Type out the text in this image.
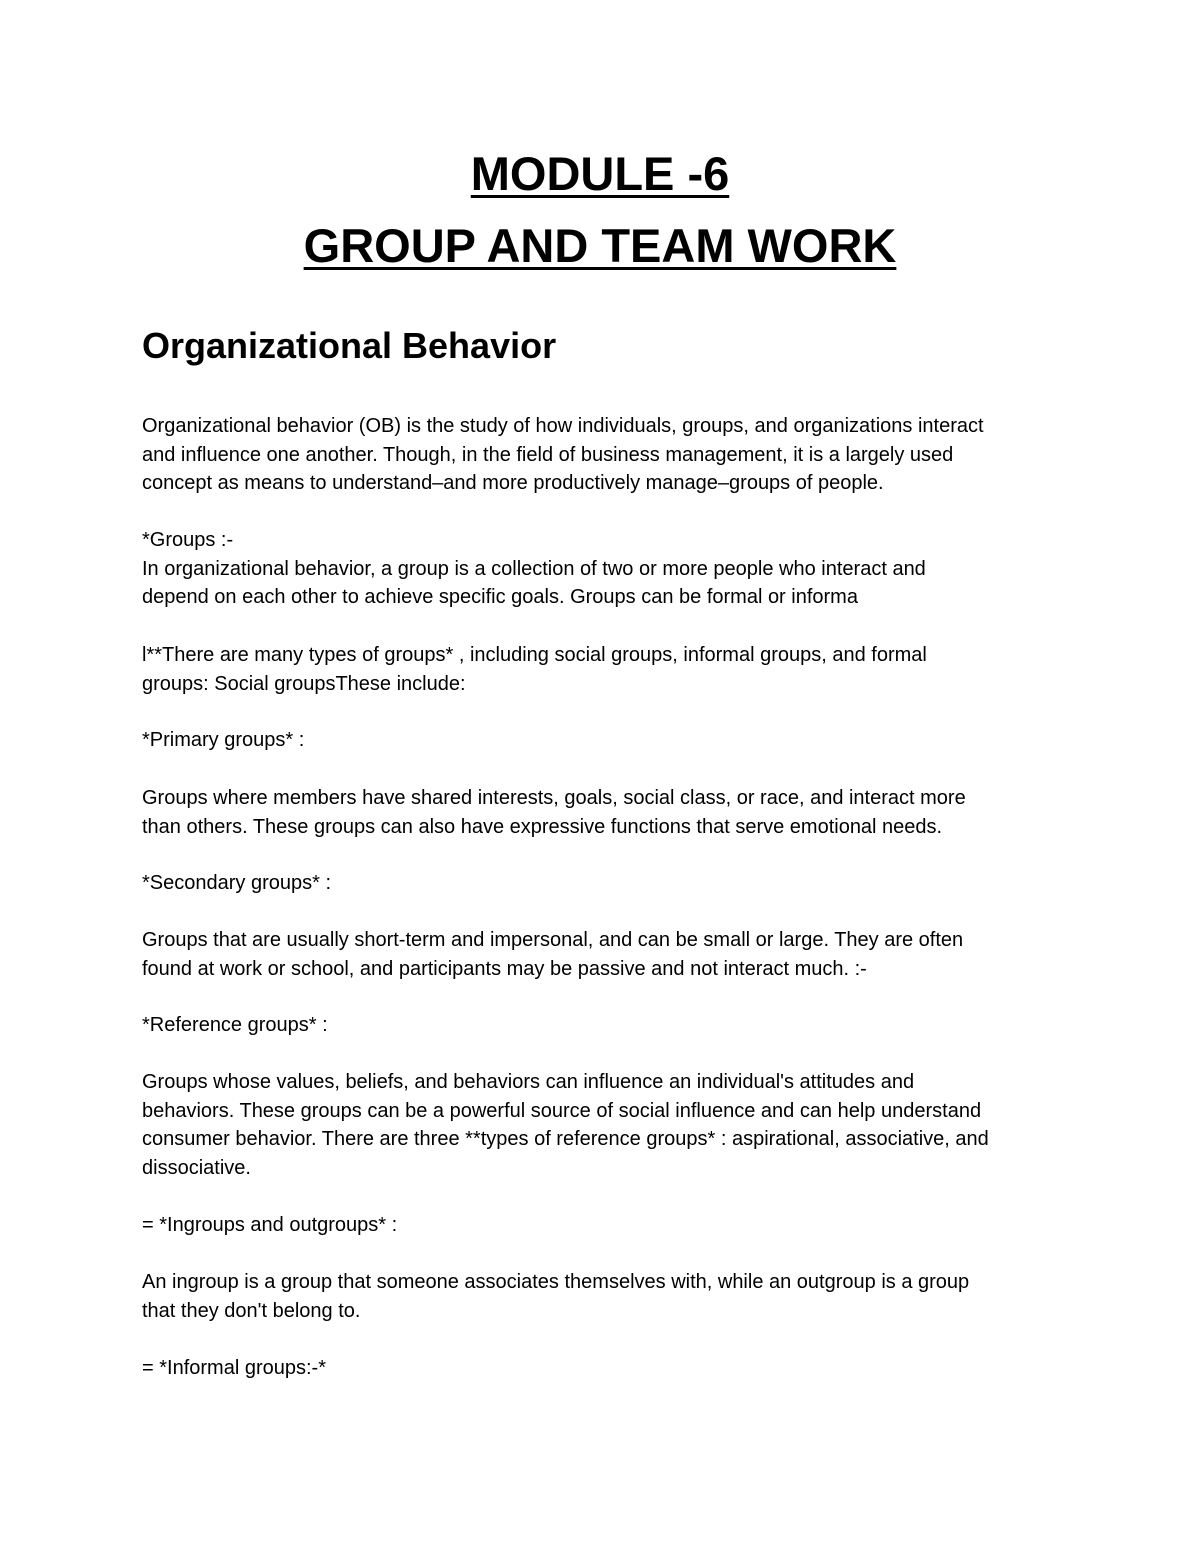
MODULE -6
GROUP AND TEAM WORK
Organizational Behavior

Organizational behavior (OB) is the study of how individuals, groups, and organizations interact
and influence one another. Though, in the field of business management, it is a largely used
concept as means to understand–and more productively manage–groups of people.

*Groups :-
In organizational behavior, a group is a collection of two or more people who interact and
depend on each other to achieve specific goals. Groups can be formal or informa

l**There are many types of groups* , including social groups, informal groups, and formal
groups: Social groupsThese include:

*Primary groups* :

Groups where members have shared interests, goals, social class, or race, and interact more
than others. These groups can also have expressive functions that serve emotional needs.

*Secondary groups* :

Groups that are usually short-term and impersonal, and can be small or large. They are often
found at work or school, and participants may be passive and not interact much. :-

*Reference groups* :

Groups whose values, beliefs, and behaviors can influence an individual's attitudes and
behaviors. These groups can be a powerful source of social influence and can help understand
consumer behavior. There are three **types of reference groups* : aspirational, associative, and
dissociative.

= *Ingroups and outgroups* :

An ingroup is a group that someone associates themselves with, while an outgroup is a group
that they don't belong to.

= *Informal groups:-*
